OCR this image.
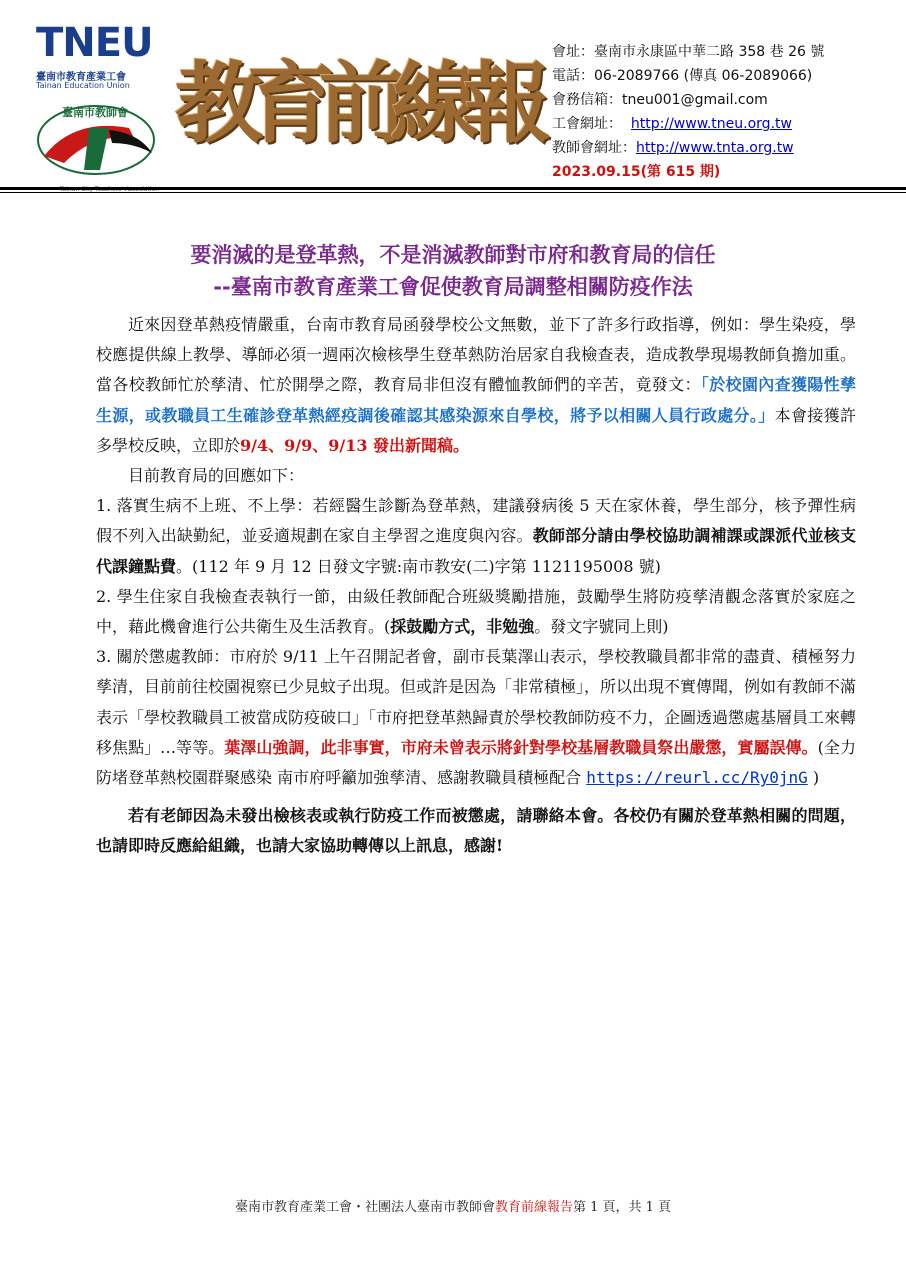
TNEU
臺南市教育產業工會
Tainan Education Union
臺南市教師會 教
育
前
線
報 會址：臺南市永康區中華二路 358 巷 26 號
電話：06-2089766 (傳真 06-2089066)
會務信箱：tneu001@gmail.com
工會網址： http://www.tneu.org.tw
教師會網址：http://www.tnta.org.tw
2023.09.15(第 615 期)
要消滅的是登革熱，不是消滅教師對市府和教育局的信任
--臺南市教育產業工會促使教育局調整相關防疫作法

近來因登革熱疫情嚴重，台南市教育局函發學校公文無數，並下了許多行政指導，例如：學生染疫，學校應提供線上教學、導師必須一週兩次檢核學生登革熱防治居家自我檢查表，造成教學現場教師負擔加重。當各校教師忙於孳清、忙於開學之際，教育局非但沒有體恤教師們的辛苦，竟發文：「於校園內查獲陽性孳生源，或教職員工生確診登革熱經疫調後確認其感染源來自學校，將予以相關人員行政處分。」本會接獲許多學校反映，立即於9/4、9/9、9/13 發出新聞稿。

目前教育局的回應如下：

1. 落實生病不上班、不上學：若經醫生診斷為登革熱，建議發病後 5 天在家休養，學生部分，核予彈性病假不列入出缺勤紀，並妥適規劃在家自主學習之進度與內容。教師部分請由學校協助調補課或課派代並核支代課鐘點費。(112 年 9 月 12 日發文字號:南市教安(二)字第 1121195008 號)

2. 學生住家自我檢查表執行一節，由級任教師配合班級獎勵措施，鼓勵學生將防疫孳清觀念落實於家庭之中，藉此機會進行公共衛生及生活教育。(採鼓勵方式，非勉強。發文字號同上則)

3. 關於懲處教師：市府於 9/11 上午召開記者會，副市長葉澤山表示，學校教職員都非常的盡責、積極努力孳清，目前前往校園視察已少見蚊子出現。但或許是因為「非常積極」，所以出現不實傳聞，例如有教師不滿表示「學校教職員工被當成防疫破口」「市府把登革熱歸責於學校教師防疫不力，企圖透過懲處基層員工來轉移焦點」…等等。葉澤山強調，此非事實，市府未曾表示將針對學校基層教職員祭出嚴懲，實屬誤傳。(全力防堵登革熱校園群聚感染 南市府呼籲加強孳清、感謝教職員積極配合 https://reurl.cc/Ry0jnG )

若有老師因為未發出檢核表或執行防疫工作而被懲處，請聯絡本會。各校仍有關於登革熱相關的問題，也請即時反應給組織，也請大家協助轉傳以上訊息，感謝!

臺南市教育產業工會・社團法人臺南市教師會教育前線報告第 1 頁，共 1 頁
